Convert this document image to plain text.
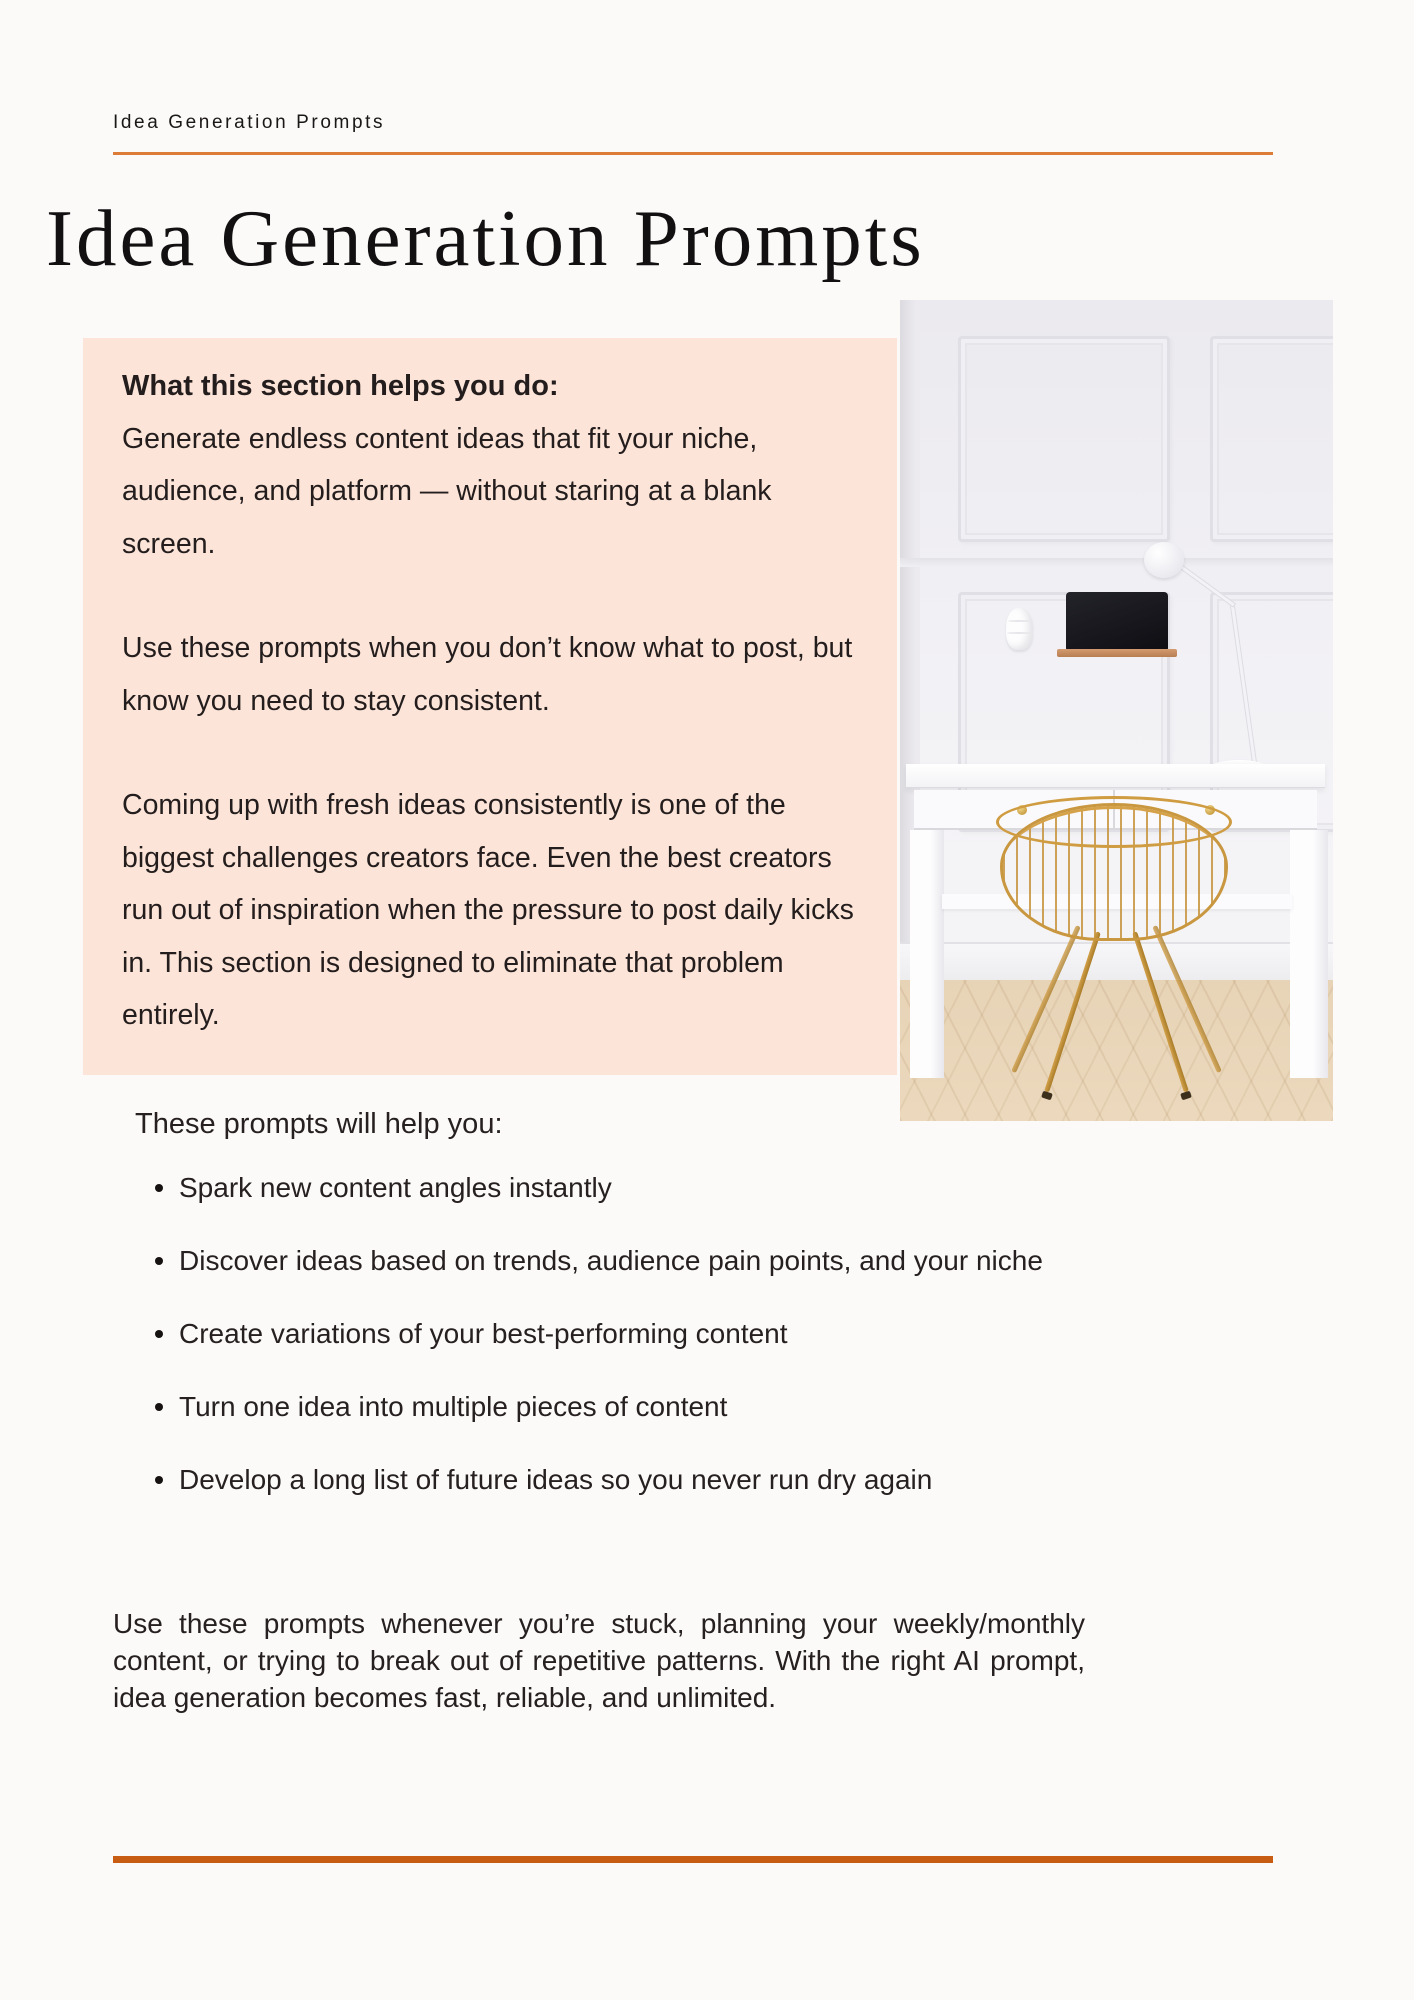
Idea Generation Prompts
Idea Generation Prompts

What this section helps you do:

Generate endless content ideas that fit your niche, audience, and platform — without staring at a blank screen.

Use these prompts when you don’t know what to post, but know you need to stay consistent.

Coming up with fresh ideas consistently is one of the biggest challenges creators face. Even the best creators run out of inspiration when the pressure to post daily kicks in. This section is designed to eliminate that problem entirely.

These prompts will help you:

Spark new content angles instantly
Discover ideas based on trends, audience pain points, and your niche
Create variations of your best-performing content
Turn one idea into multiple pieces of content
Develop a long list of future ideas so you never run dry again

Use these prompts whenever you’re stuck, planning your weekly/monthly content, or trying to break out of repetitive patterns. With the right AI prompt, idea generation becomes fast, reliable, and unlimited.
